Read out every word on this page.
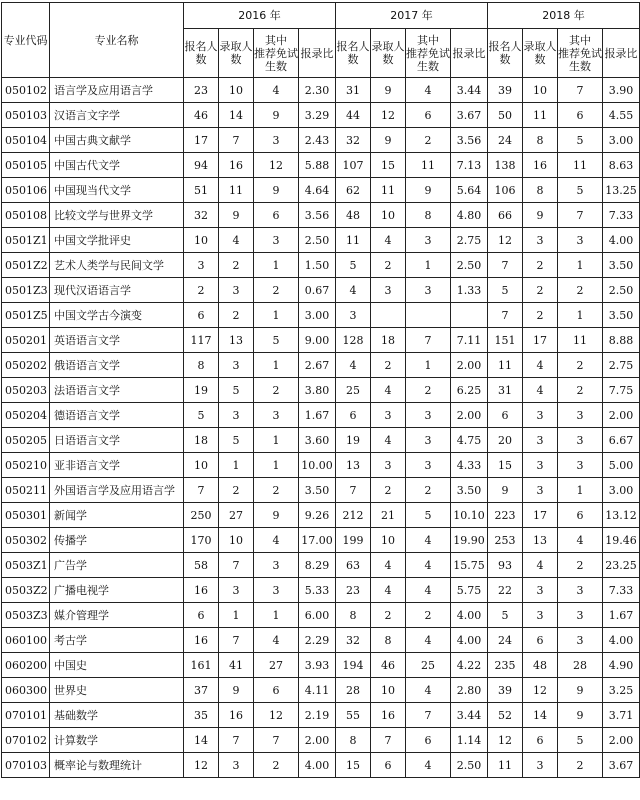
专业代码	专业名称	2016 年				2017 年				2018 年			
		报名人数	录取人数	其中
推荐免试生数	报录比	报名人数	录取人数	其中
推荐免试生数	报录比	报名人数	录取人数	其中
推荐免试生数	报录比
050102	语言学及应用语言学	23	10	4	2.30	31	9	4	3.44	39	10	7	3.90
050103	汉语言文字学	46	14	9	3.29	44	12	6	3.67	50	11	6	4.55
050104	中国古典文献学	17	7	3	2.43	32	9	2	3.56	24	8	5	3.00
050105	中国古代文学	94	16	12	5.88	107	15	11	7.13	138	16	11	8.63
050106	中国现当代文学	51	11	9	4.64	62	11	9	5.64	106	8	5	13.25
050108	比较文学与世界文学	32	9	6	3.56	48	10	8	4.80	66	9	7	7.33
0501Z1	中国文学批评史	10	4	3	2.50	11	4	3	2.75	12	3	3	4.00
0501Z2	艺术人类学与民间文学	3	2	1	1.50	5	2	1	2.50	7	2	1	3.50
0501Z3	现代汉语语言学	2	3	2	0.67	4	3	3	1.33	5	2	2	2.50
0501Z5	中国文学古今演变	6	2	1	3.00	3				7	2	1	3.50
050201	英语语言文学	117	13	5	9.00	128	18	7	7.11	151	17	11	8.88
050202	俄语语言文学	8	3	1	2.67	4	2	1	2.00	11	4	2	2.75
050203	法语语言文学	19	5	2	3.80	25	4	2	6.25	31	4	2	7.75
050204	德语语言文学	5	3	3	1.67	6	3	3	2.00	6	3	3	2.00
050205	日语语言文学	18	5	1	3.60	19	4	3	4.75	20	3	3	6.67
050210	亚非语言文学	10	1	1	10.00	13	3	3	4.33	15	3	3	5.00
050211	外国语言学及应用语言学	7	2	2	3.50	7	2	2	3.50	9	3	1	3.00
050301	新闻学	250	27	9	9.26	212	21	5	10.10	223	17	6	13.12
050302	传播学	170	10	4	17.00	199	10	4	19.90	253	13	4	19.46
0503Z1	广告学	58	7	3	8.29	63	4	4	15.75	93	4	2	23.25
0503Z2	广播电视学	16	3	3	5.33	23	4	4	5.75	22	3	3	7.33
0503Z3	媒介管理学	6	1	1	6.00	8	2	2	4.00	5	3	3	1.67
060100	考古学	16	7	4	2.29	32	8	4	4.00	24	6	3	4.00
060200	中国史	161	41	27	3.93	194	46	25	4.22	235	48	28	4.90
060300	世界史	37	9	6	4.11	28	10	4	2.80	39	12	9	3.25
070101	基础数学	35	16	12	2.19	55	16	7	3.44	52	14	9	3.71
070102	计算数学	14	7	7	2.00	8	7	6	1.14	12	6	5	2.00
070103	概率论与数理统计	12	3	2	4.00	15	6	4	2.50	11	3	2	3.67
